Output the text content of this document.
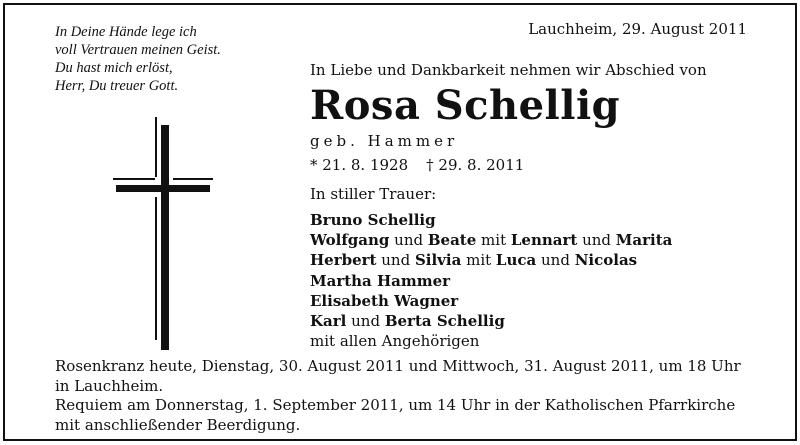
In Deine Hände lege ich
voll Vertrauen meinen Geist.
Du hast mich erlöst,
Herr, Du treuer Gott.
Lauchheim, 29. August 2011
In Liebe und Dankbarkeit nehmen wir Abschied von
Rosa Schellig
geb. Hammer
* 21. 8. 1928 † 29. 8. 2011
In stiller Trauer:
Bruno Schellig
Wolfgang und Beate mit Lennart und Marita
Herbert und Silvia mit Luca und Nicolas
Martha Hammer
Elisabeth Wagner
Karl und Berta Schellig
mit allen Angehörigen
Rosenkranz heute, Dienstag, 30. August 2011 und Mittwoch, 31. August 2011, um 18 Uhr
in Lauchheim.
Requiem am Donnerstag, 1. September 2011, um 14 Uhr in der Katholischen Pfarrkirche
mit anschließender Beerdigung.
